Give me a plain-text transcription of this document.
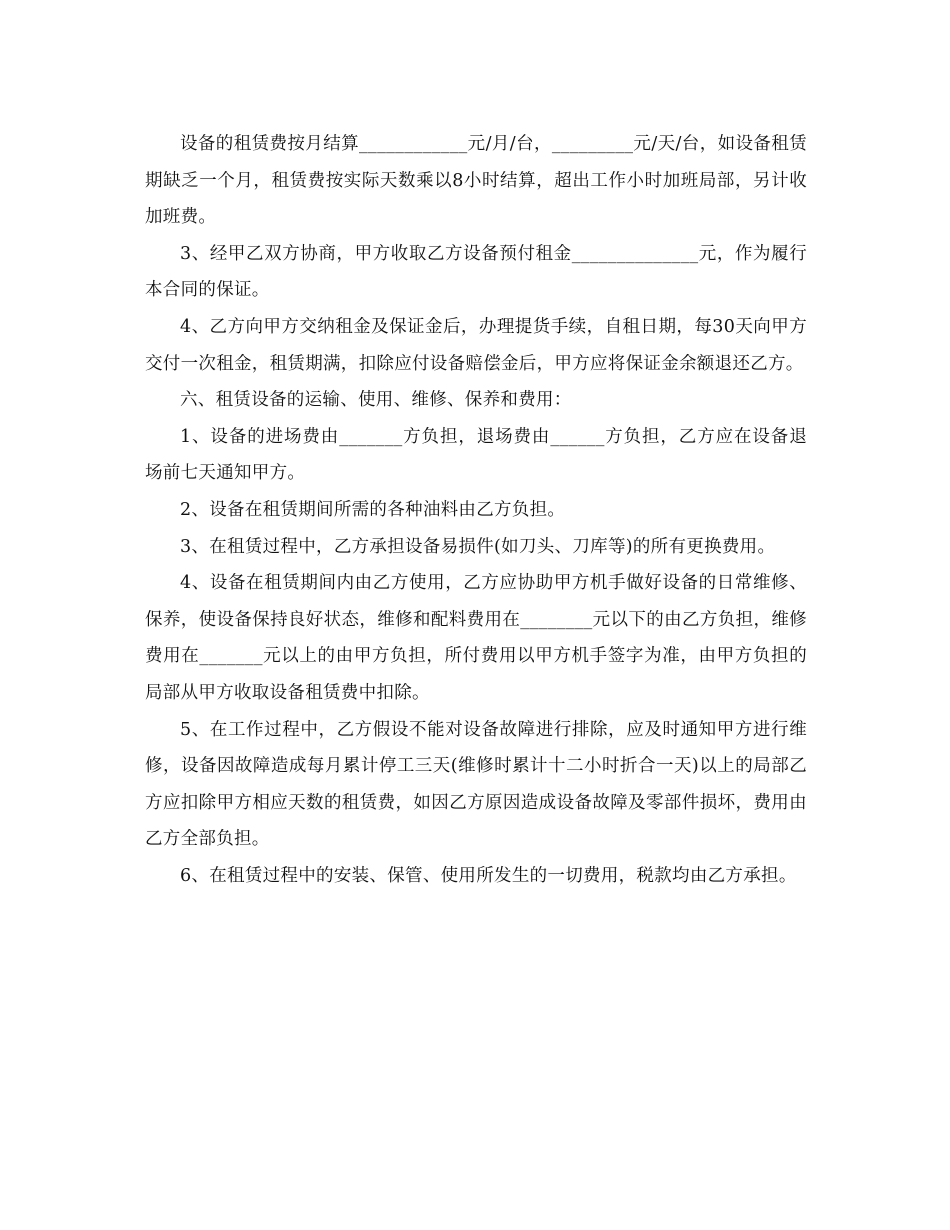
设备的租赁费按月结算____________元/月/台，_________元/天/台，如设备租赁期缺乏一个月，租赁费按实际天数乘以8小时结算，超出工作小时加班局部，另计收加班费。

3、经甲乙双方协商，甲方收取乙方设备预付租金______________元，作为履行本合同的保证。

4、乙方向甲方交纳租金及保证金后，办理提货手续，自租日期，每30天向甲方交付一次租金，租赁期满，扣除应付设备赔偿金后，甲方应将保证金余额退还乙方。

六、租赁设备的运输、使用、维修、保养和费用：

1、设备的进场费由_______方负担，退场费由______方负担，乙方应在设备退场前七天通知甲方。

2、设备在租赁期间所需的各种油料由乙方负担。

3、在租赁过程中，乙方承担设备易损件(如刀头、刀库等)的所有更换费用。

4、设备在租赁期间内由乙方使用，乙方应协助甲方机手做好设备的日常维修、保养，使设备保持良好状态，维修和配料费用在________元以下的由乙方负担，维修费用在_______元以上的由甲方负担，所付费用以甲方机手签字为准，由甲方负担的局部从甲方收取设备租赁费中扣除。

5、在工作过程中，乙方假设不能对设备故障进行排除，应及时通知甲方进行维修，设备因故障造成每月累计停工三天(维修时累计十二小时折合一天)以上的局部乙方应扣除甲方相应天数的租赁费，如因乙方原因造成设备故障及零部件损坏，费用由乙方全部负担。

6、在租赁过程中的安装、保管、使用所发生的一切费用，税款均由乙方承担。
